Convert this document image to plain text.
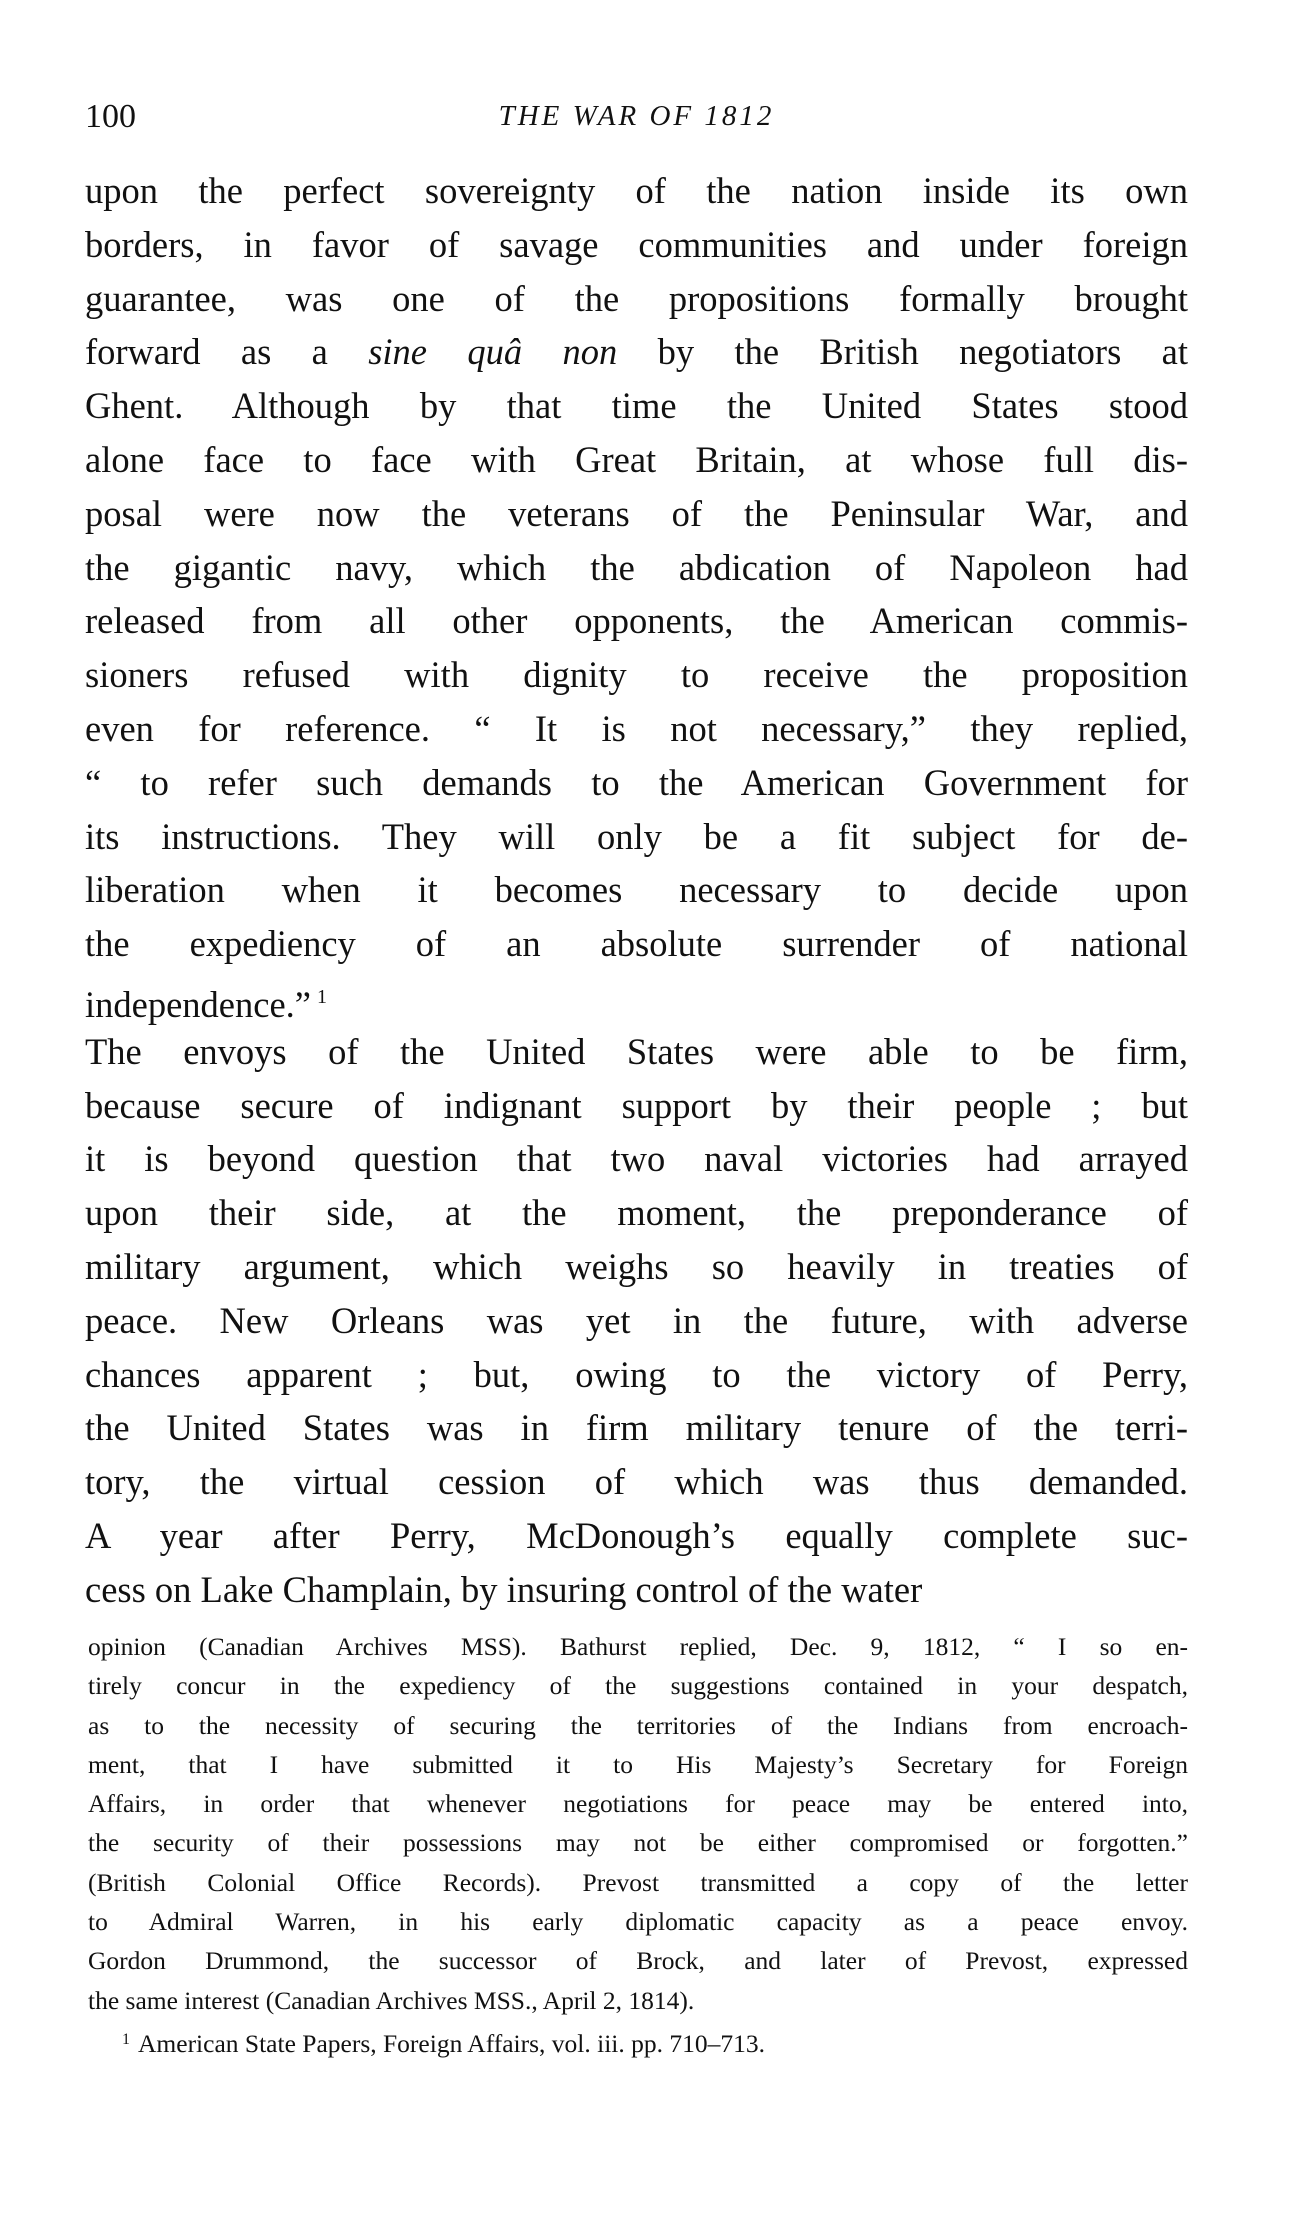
100	THE WAR OF 1812
upon the perfect sovereignty of the nation inside its own
borders, in favor of savage communities and under foreign
guarantee, was one of the propositions formally brought
forward as a sine quâ non by the British negotiators at
Ghent. Although by that time the United States stood
alone face to face with Great Britain, at whose full dis-
posal were now the veterans of the Peninsular War, and
the gigantic navy, which the abdication of Napoleon had
released from all other opponents, the American commis-
sioners refused with dignity to receive the proposition
even for reference. “ It is not necessary,” they replied,
“ to refer such demands to the American Government for
its instructions. They will only be a fit subject for de-
liberation when it becomes necessary to decide upon
the expediency of an absolute surrender of national
independence.” $^1$
The envoys of the United States were able to be firm,
because secure of indignant support by their people ; but
it is beyond question that two naval victories had arrayed
upon their side, at the moment, the preponderance of
military argument, which weighs so heavily in treaties of
peace. New Orleans was yet in the future, with adverse
chances apparent ; but, owing to the victory of Perry,
the United States was in firm military tenure of the terri-
tory, the virtual cession of which was thus demanded.
A year after Perry, McDonough’s equally complete suc-
cess on Lake Champlain, by insuring control of the water
opinion (Canadian Archives MSS). Bathurst replied, Dec. 9, 1812, “ I so en-
tirely concur in the expediency of the suggestions contained in your despatch,
as to the necessity of securing the territories of the Indians from encroach-
ment, that I have submitted it to His Majesty’s Secretary for Foreign
Affairs, in order that whenever negotiations for peace may be entered into,
the security of their possessions may not be either compromised or forgotten.”
(British Colonial Office Records). Prevost transmitted a copy of the letter
to Admiral Warren, in his early diplomatic capacity as a peace envoy.
Gordon Drummond, the successor of Brock, and later of Prevost, expressed
the same interest (Canadian Archives MSS., April 2, 1814).
$^1$ American State Papers, Foreign Affairs, vol. iii. pp. 710–713.
